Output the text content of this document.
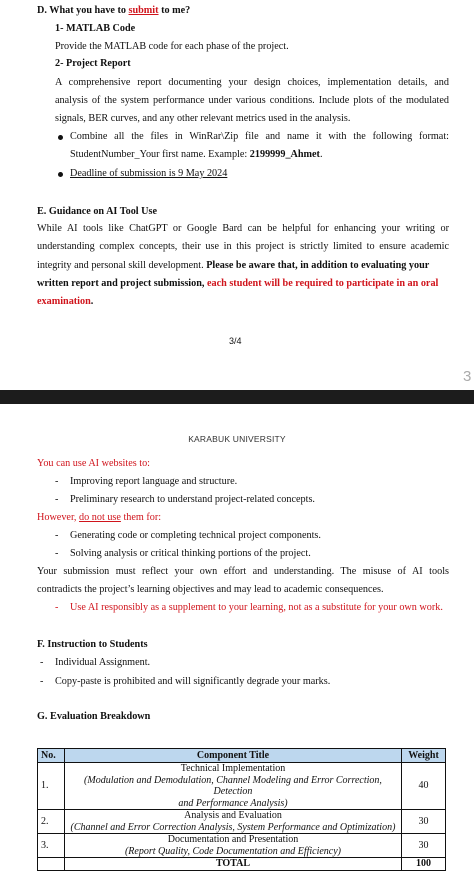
D. What you have to submit to me?
1- MATLAB Code
Provide the MATLAB code for each phase of the project.
2- Project Report
A comprehensive report documenting your design choices, implementation details, and
analysis of the system performance under various conditions. Include plots of the modulated
signals, BER curves, and any other relevant metrics used in the analysis.
Combine all the files in WinRar\Zip file and name it with the following format:
StudentNumber_Your first name. Example: 2199999_Ahmet.
Deadline of submission is 9 May 2024
E. Guidance on AI Tool Use
While AI tools like ChatGPT or Google Bard can be helpful for enhancing your writing or
understanding complex concepts, their use in this project is strictly limited to ensure academic
integrity and personal skill development. Please be aware that, in addition to evaluating your
written report and project submission, each student will be required to participate in an oral
examination.
3/4
3
KARABUK UNIVERSITY
You can use AI websites to:
- Improving report language and structure.
- Preliminary research to understand project-related concepts.
However, do not use them for:
- Generating code or completing technical project components.
- Solving analysis or critical thinking portions of the project.
Your submission must reflect your own effort and understanding. The misuse of AI tools
contradicts the project’s learning objectives and may lead to academic consequences.
- Use AI responsibly as a supplement to your learning, not as a substitute for your own work.
F. Instruction to Students
- Individual Assignment.
- Copy-paste is prohibited and will significantly degrade your marks.
G. Evaluation Breakdown
No.	Component Title	Weight
1.	Technical Implementation
(Modulation and Demodulation, Channel Modeling and Error Correction, Detection
and Performance Analysis)	40
2.	Analysis and Evaluation
(Channel and Error Correction Analysis, System Performance and Optimization)	30
3.	Documentation and Presentation
(Report Quality, Code Documentation and Efficiency)	30
	TOTAL	100
